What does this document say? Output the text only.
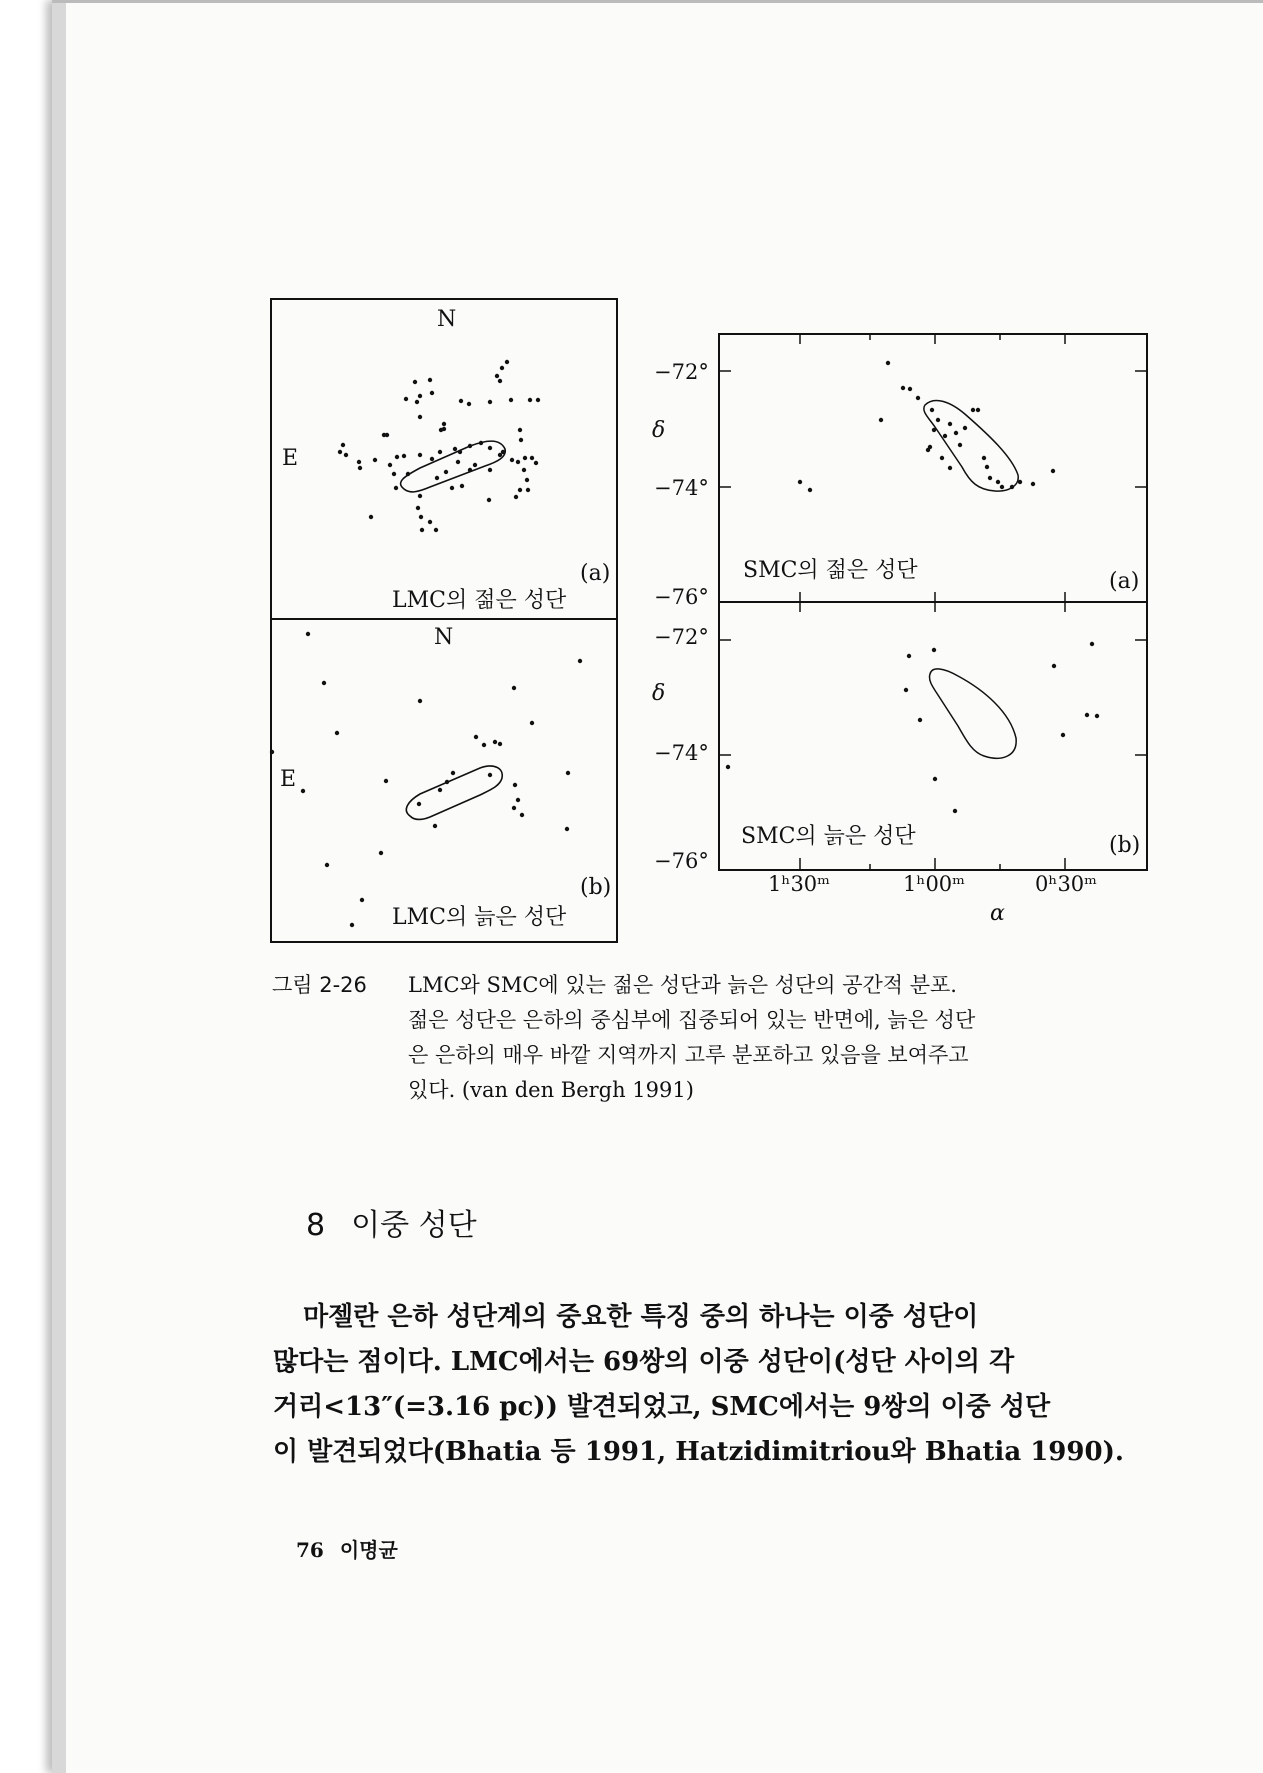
N
E
(a)
LMC의 젊은 성단
N
E
(b)
LMC의 늙은 성단
−72°
−74°
−76°
−72°
−74°
−76°
δ
δ
1ʰ30ᵐ	1ʰ00ᵐ	0ʰ30ᵐ
α
SMC의 젊은 성단	(a)
SMC의 늙은 성단	(b)
그림 2-26 LMC와 SMC에 있는 젊은 성단과 늙은 성단의 공간적 분포.
젊은 성단은 은하의 중심부에 집중되어 있는 반면에, 늙은 성단
은 은하의 매우 바깥 지역까지 고루 분포하고 있음을 보여주고
있다. (van den Bergh 1991)
8 이중 성단
마젤란 은하 성단계의 중요한 특징 중의 하나는 이중 성단이
많다는 점이다. LMC에서는 69쌍의 이중 성단이(성단 사이의 각
거리<13″(=3.16 pc)) 발견되었고, SMC에서는 9쌍의 이중 성단
이 발견되었다(Bhatia 등 1991, Hatzidimitriou와 Bhatia 1990).
76 이명균
